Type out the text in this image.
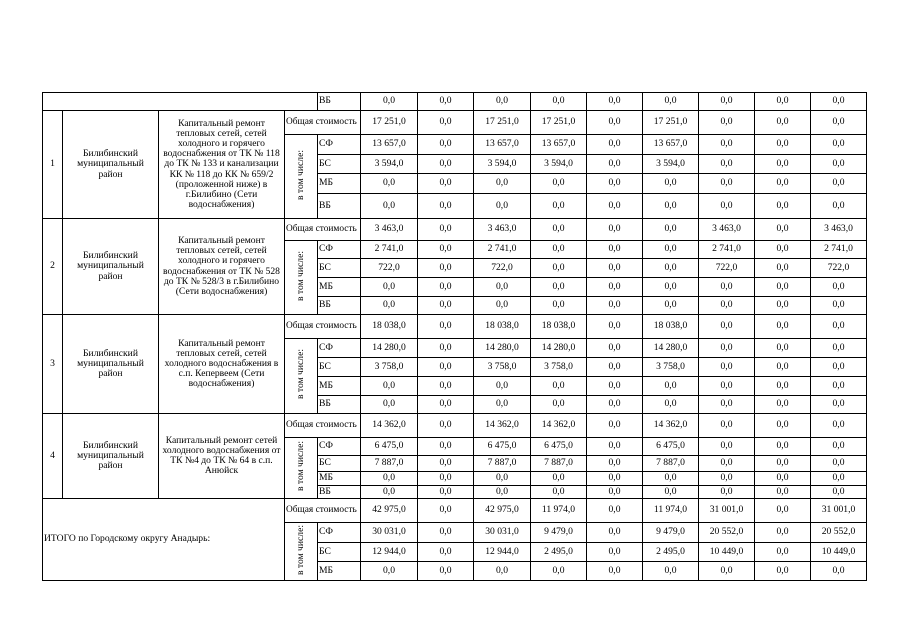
				ВБ	0,0	0,0	0,0	0,0	0,0	0,0	0,0	0,0	0,0
1	Билибинский муниципальный район	Капитальный ремонт тепловых сетей, сетей холодного и горячего водоснабжения от ТК № 118 до ТК № 133 и канализации КК № 118 до КК № 659/2 (проложенной ниже) в г.Билибино (Сети водоснабжения)	Общая стоимость		17 251,0	0,0	17 251,0	17 251,0	0,0	17 251,0	0,0	0,0	0,0
			в том числе:	СФ	13 657,0	0,0	13 657,0	13 657,0	0,0	13 657,0	0,0	0,0	0,0
				БС	3 594,0	0,0	3 594,0	3 594,0	0,0	3 594,0	0,0	0,0	0,0
				МБ	0,0	0,0	0,0	0,0	0,0	0,0	0,0	0,0	0,0
				ВБ	0,0	0,0	0,0	0,0	0,0	0,0	0,0	0,0	0,0
2	Билибинский муниципальный район	Капитальный ремонт тепловых сетей, сетей холодного и горячего водоснабжения от ТК № 528 до ТК № 528/3 в г.Билибино (Сети водоснабжения)	Общая стоимость		3 463,0	0,0	3 463,0	0,0	0,0	0,0	3 463,0	0,0	3 463,0
			в том числе:	СФ	2 741,0	0,0	2 741,0	0,0	0,0	0,0	2 741,0	0,0	2 741,0
				БС	722,0	0,0	722,0	0,0	0,0	0,0	722,0	0,0	722,0
				МБ	0,0	0,0	0,0	0,0	0,0	0,0	0,0	0,0	0,0
				ВБ	0,0	0,0	0,0	0,0	0,0	0,0	0,0	0,0	0,0
3	Билибинский муниципальный район	Капитальный ремонт тепловых сетей, сетей холодного водоснабжения в с.п. Кепервеем (Сети водоснабжения)	Общая стоимость		18 038,0	0,0	18 038,0	18 038,0	0,0	18 038,0	0,0	0,0	0,0
			в том числе:	СФ	14 280,0	0,0	14 280,0	14 280,0	0,0	14 280,0	0,0	0,0	0,0
				БС	3 758,0	0,0	3 758,0	3 758,0	0,0	3 758,0	0,0	0,0	0,0
				МБ	0,0	0,0	0,0	0,0	0,0	0,0	0,0	0,0	0,0
				ВБ	0,0	0,0	0,0	0,0	0,0	0,0	0,0	0,0	0,0
4	Билибинский муниципальный район	Капитальный ремонт сетей холодного водоснабжения от ТК №4 до ТК № 64 в с.п. Анюйск	Общая стоимость		14 362,0	0,0	14 362,0	14 362,0	0,0	14 362,0	0,0	0,0	0,0
			в том числе:	СФ	6 475,0	0,0	6 475,0	6 475,0	0,0	6 475,0	0,0	0,0	0,0
				БС	7 887,0	0,0	7 887,0	7 887,0	0,0	7 887,0	0,0	0,0	0,0
				МБ	0,0	0,0	0,0	0,0	0,0	0,0	0,0	0,0	0,0
				ВБ	0,0	0,0	0,0	0,0	0,0	0,0	0,0	0,0	0,0
ИТОГО по Городскому округу Анадырь:			Общая стоимость		42 975,0	0,0	42 975,0	11 974,0	0,0	11 974,0	31 001,0	0,0	31 001,0
			в том числе:	СФ	30 031,0	0,0	30 031,0	9 479,0	0,0	9 479,0	20 552,0	0,0	20 552,0
				БС	12 944,0	0,0	12 944,0	2 495,0	0,0	2 495,0	10 449,0	0,0	10 449,0
				МБ	0,0	0,0	0,0	0,0	0,0	0,0	0,0	0,0	0,0
